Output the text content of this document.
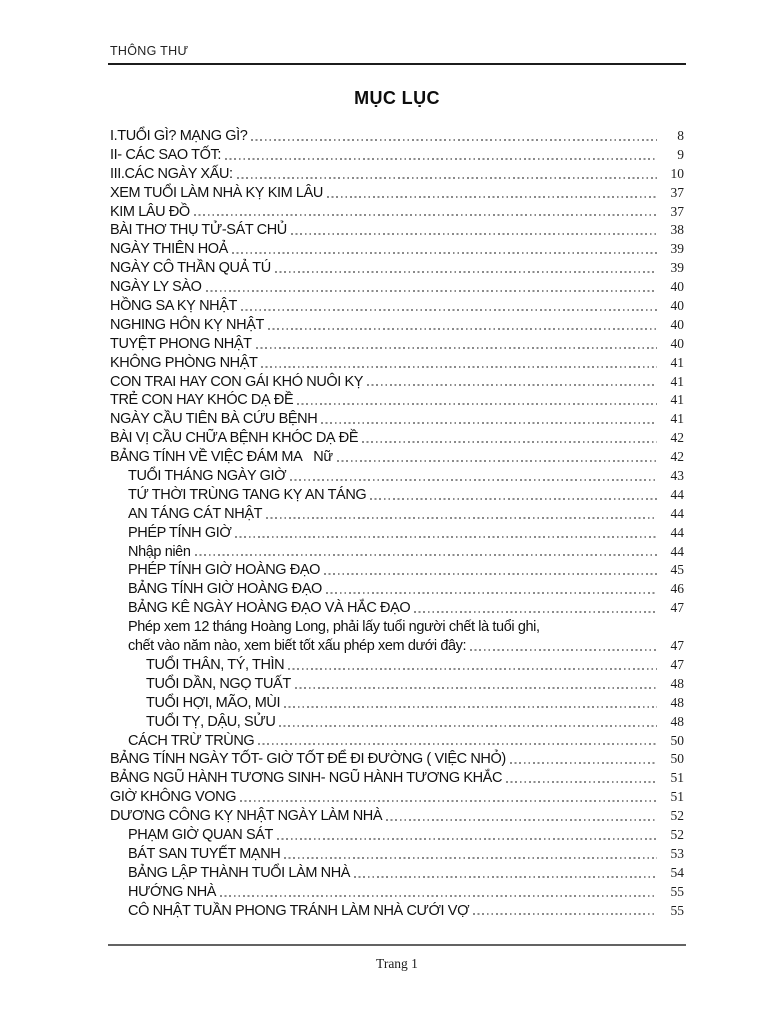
THÔNG THƯ
MỤC LỤC
I.TUỔI GÌ? MẠNG GÌ?	8
II- CÁC SAO TỐT:	9
III.CÁC NGÀY XẤU:	10
XEM TUỔI LÀM NHÀ KỴ KIM LÂU	37
KIM LÂU ĐỒ	37
BÀI THƠ THỤ TỬ-SÁT CHỦ	38
NGÀY THIÊN HOẢ	39
NGÀY CÔ THẦN QUẢ TÚ	39
NGÀY LY SÀO	40
HỒNG SA KỴ NHẬT	40
NGHING HÔN KỴ NHẬT	40
TUYỆT PHONG NHẬT	40
KHÔNG PHÒNG NHẬT	41
CON TRAI HAY CON GÁI KHÓ NUÔI KỴ	41
TRẺ CON HAY KHÓC DẠ ĐỀ	41
NGÀY CẦU TIÊN BÀ CỨU BỆNH	41
BÀI VỊ CẦU CHỮA BỆNH KHÓC DẠ ĐỀ	42
BẢNG TÍNH VỀ VIỆC ĐÁM MA   Nữ	42
TUỔI THÁNG NGÀY GIỜ	43
TỨ THỜI TRÙNG TANG KỴ AN TÁNG	44
AN TÁNG CÁT NHẬT	44
PHÉP TÍNH GIỜ	44
Nhập niên	44
PHÉP TÍNH GIỜ HOÀNG ĐẠO	45
BẢNG TÍNH GIỜ HOÀNG ĐẠO	46
BẢNG KÊ NGÀY HOÀNG ĐẠO VÀ HẮC ĐẠO	47
Phép xem 12 tháng Hoàng Long, phải lấy tuổi người chết là tuổi ghi,
chết vào năm nào, xem biết tốt xấu phép xem dưới đây:	47
TUỔI THÂN, TÝ, THÌN	47
TUỔI DẦN, NGỌ TUẤT	48
TUỔI HỢI, MÃO, MÙI	48
TUỔI TỴ, DẬU, SỬU	48
CÁCH TRỪ TRÙNG	50
BẢNG TÍNH NGÀY TỐT- GIỜ TỐT ĐỂ ĐI ĐƯỜNG ( VIỆC NHỎ)	50
BẢNG NGŨ HÀNH TƯƠNG SINH- NGŨ HÀNH TƯƠNG KHẮC	51
GIỜ KHÔNG VONG	51
DƯƠNG CÔNG KỴ NHẬT NGÀY LÀM NHÀ	52
PHẠM GIỜ QUAN SÁT	52
BÁT SAN TUYẾT MẠNH	53
BẢNG LẬP THÀNH TUỔI LÀM NHÀ	54
HƯỚNG NHÀ	55
CÔ NHẬT TUẦN PHONG TRÁNH LÀM NHÀ CƯỚI VỢ	55
Trang 1
